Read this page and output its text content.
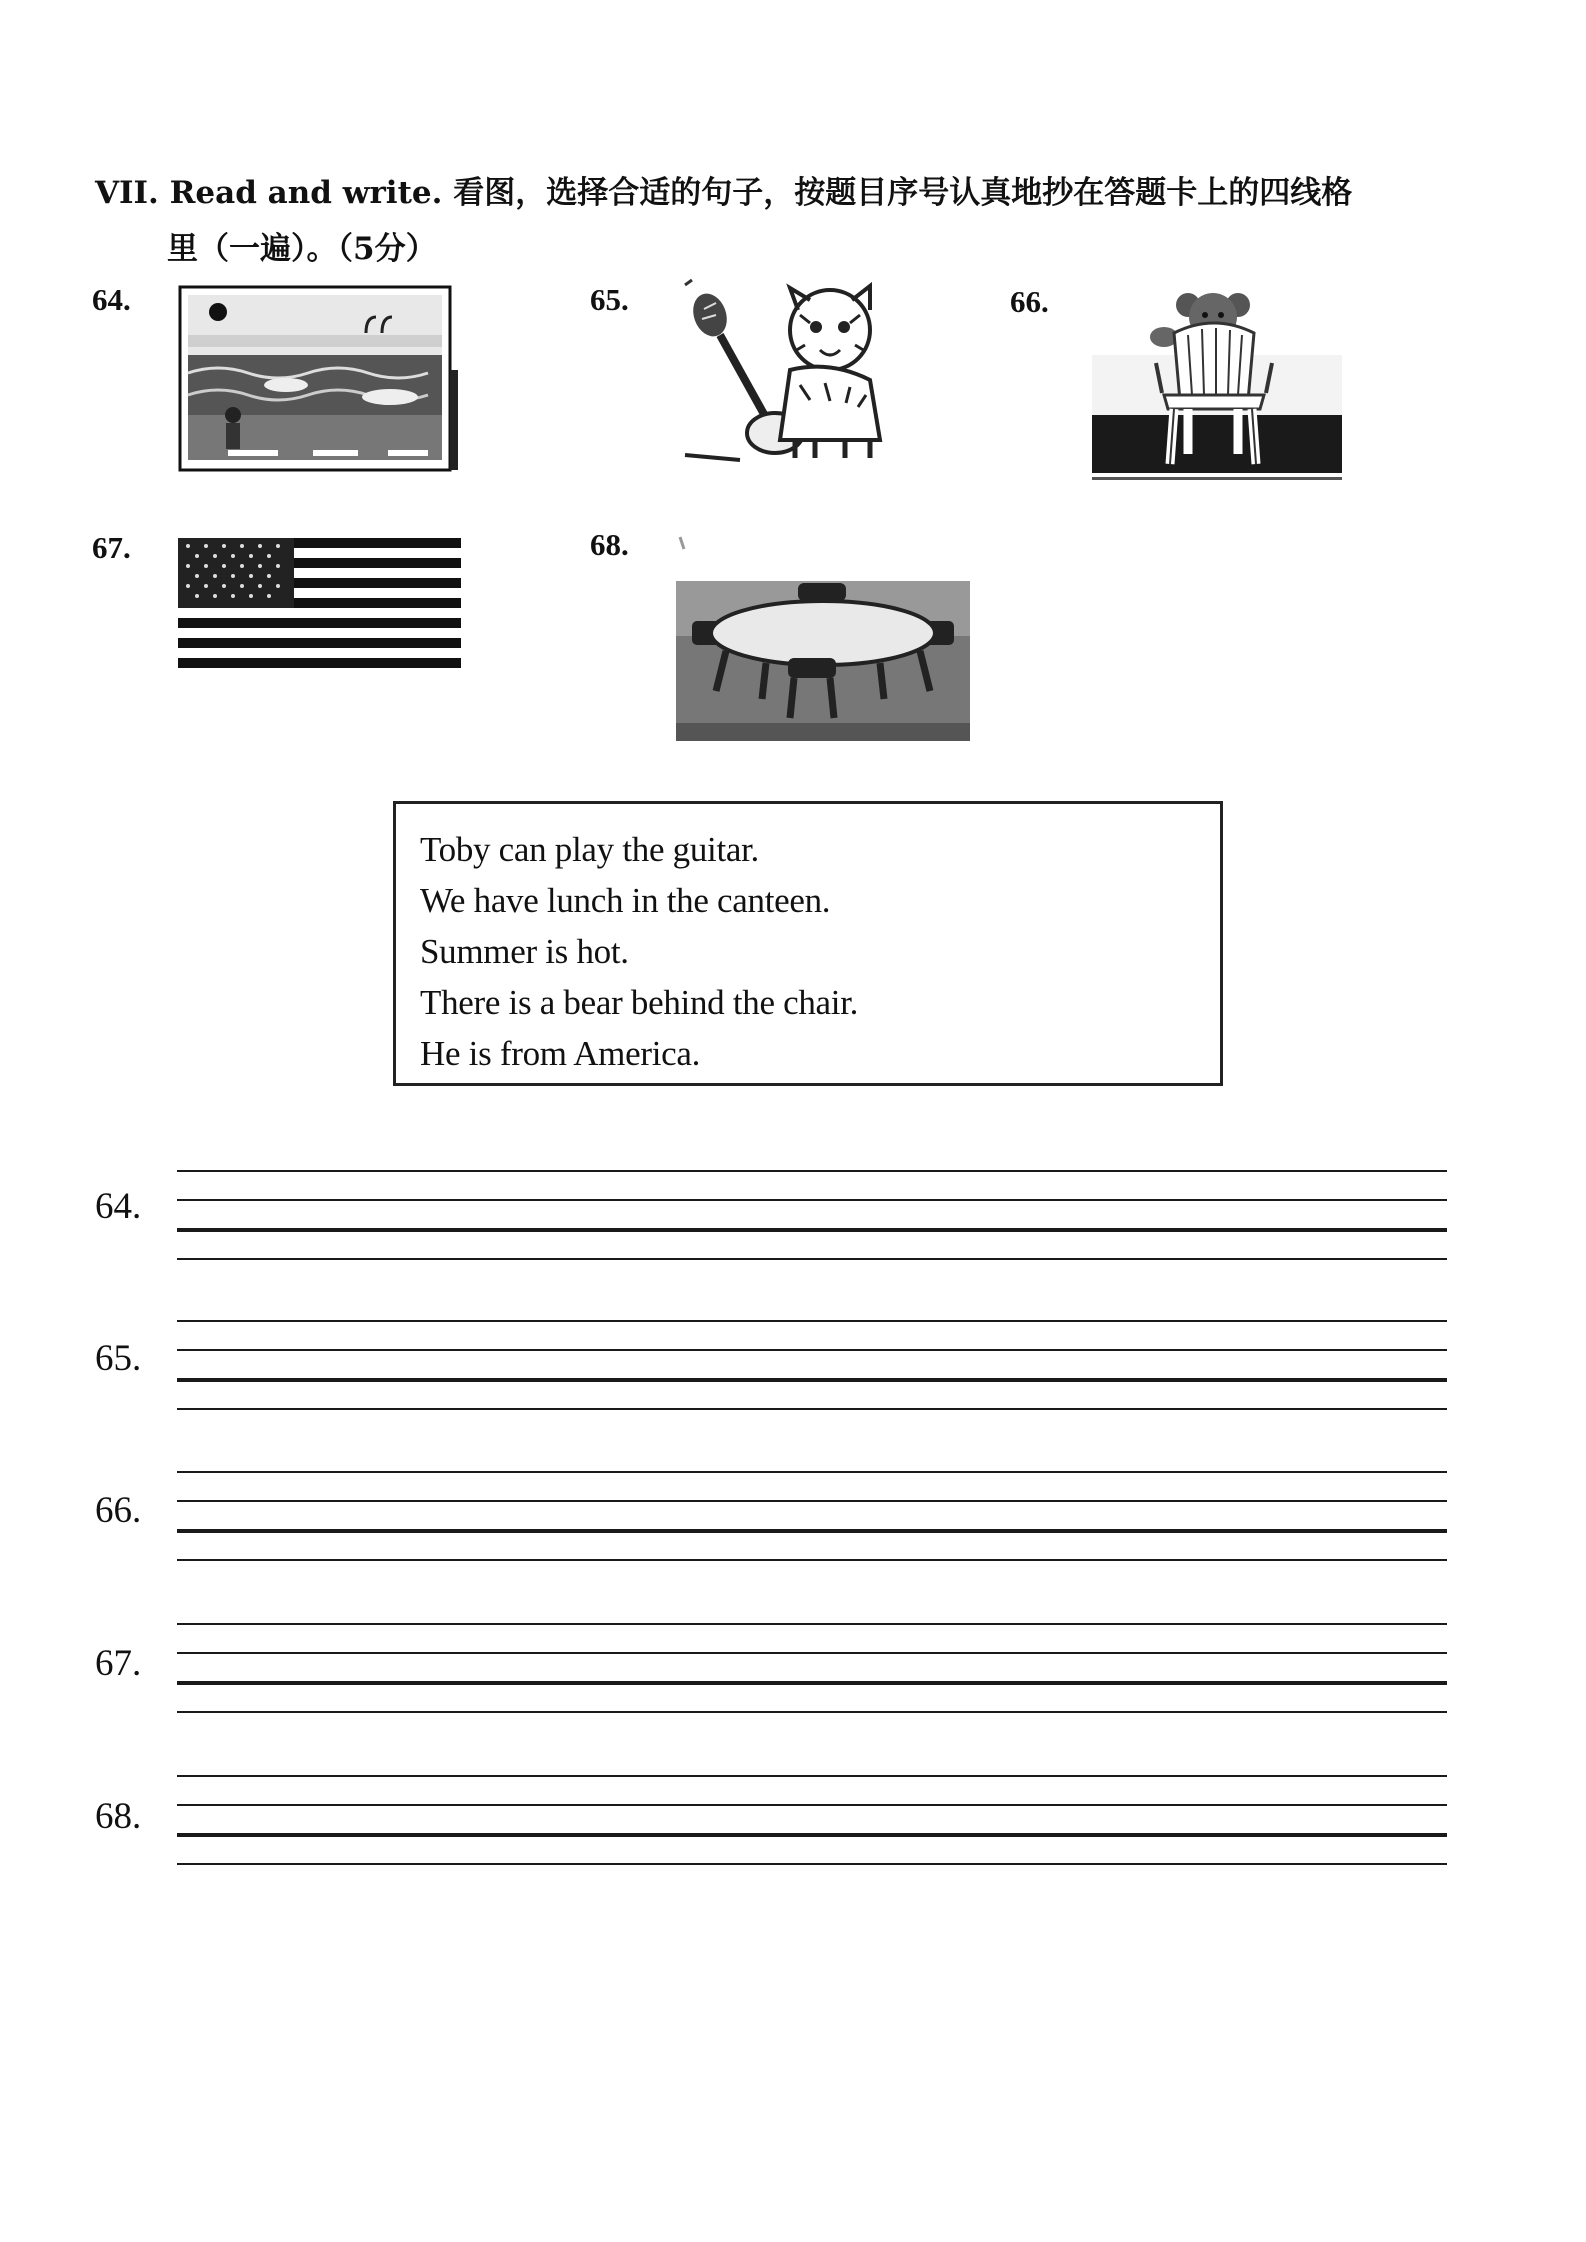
VII. Read and write. 看图，选择合适的句子，按题目序号认真地抄在答题卡上的四线格
里（一遍）。（5分）
64.	65.	66.
67.	68.
Toby can play the guitar.
We have lunch in the canteen.
Summer is hot.
There is a bear behind the chair.
He is from America.
64.
65.
66.
67.
68.
